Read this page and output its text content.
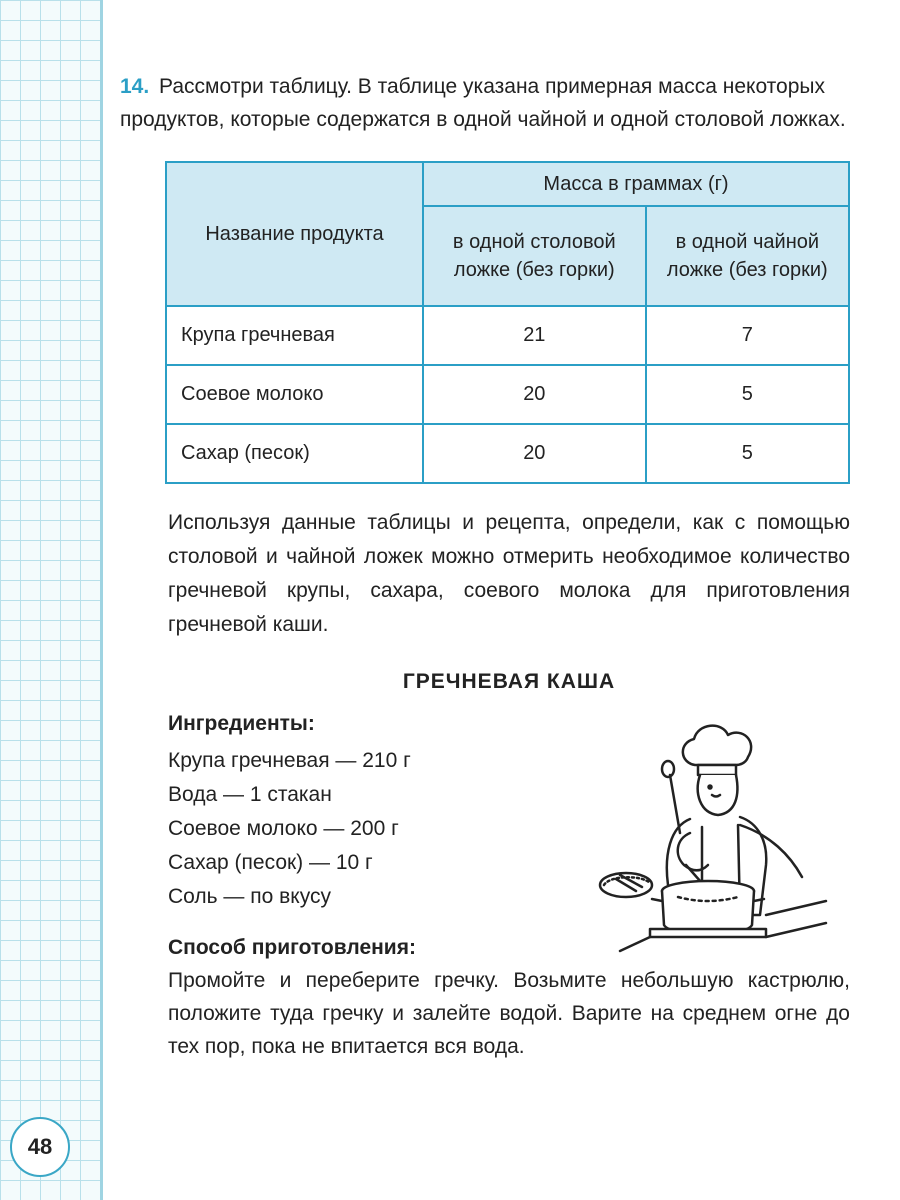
48
14. Рассмотри таблицу. В таблице указана примерная масса некоторых продуктов, которые содержатся в одной чайной и одной столовой ложках.
Название продукта	Масса в граммах (г)	
	в одной столовой ложке (без горки)	в одной чайной ложке (без горки)
Крупа гречневая	21	7
Соевое молоко	20	5
Сахар (песок)	20	5
Используя данные таблицы и рецепта, определи, как с помощью столовой и чайной ложек можно отмерить необходимое количество гречневой крупы, сахара, соевого молока для приготовления гречневой каши.
ГРЕЧНЕВАЯ КАША
Ингредиенты:
Крупа гречневая — 210 г
Вода — 1 стакан
Соевое молоко — 200 г
Сахар (песок) — 10 г
Соль — по вкусу
Способ приготовления:
Промойте и переберите гречку. Возьмите небольшую кастрюлю, положите туда гречку и залейте водой. Варите на среднем огне до тех пор, пока не впитается вся вода.
